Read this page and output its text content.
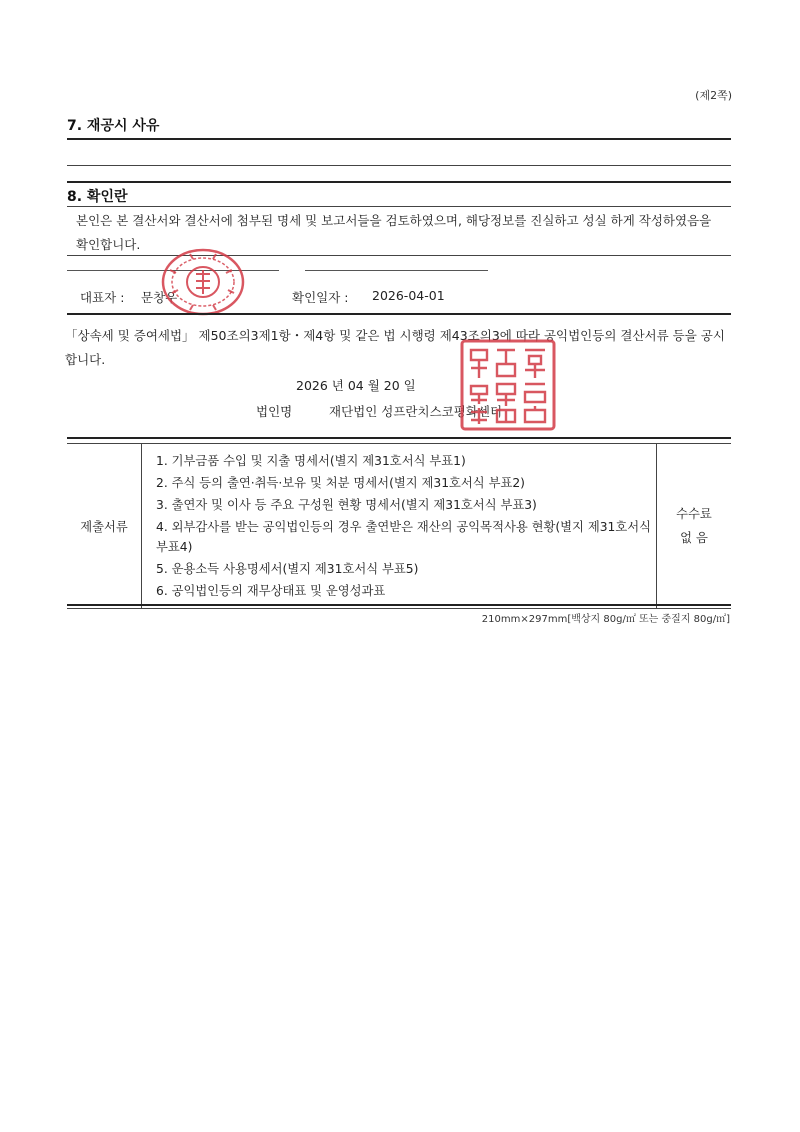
(제2쪽)
7. 재공시 사유
8. 확인란
본인은 본 결산서와 결산서에 첨부된 명세 및 보고서들을 검토하였으며, 해당정보를 진실하고 성실 하게 작성하였음을 확인합니다.
대표자 : 문창우	확인일자 : 2026-04-01
「상속세 및 증여세법」 제50조의3제1항・제4항 및 같은 법 시행령 제43조의3에 따라 공익법인등의 결산서류 등을 공시합니다.
2026 년 04 월 20 일
법인명	재단법인 성프란치스코평화센터
제출서류	
1. 기부금품 수입 및 지출 명세서(별지 제31호서식 부표1)
2. 주식 등의 출연·취득·보유 및 처분 명세서(별지 제31호서식 부표2)
3. 출연자 및 이사 등 주요 구성원 현황 명세서(별지 제31호서식 부표3)
4. 외부감사를 받는 공익법인등의 경우 출연받은 재산의 공익목적사용 현황(별지 제31호서식 부표4)
5. 운용소득 사용명세서(별지 제31호서식 부표5)
6. 공익법인등의 재무상태표 및 운영성과표

수수료
없 음
210mm×297mm[백상지 80g/㎡ 또는 중질지 80g/㎡]
